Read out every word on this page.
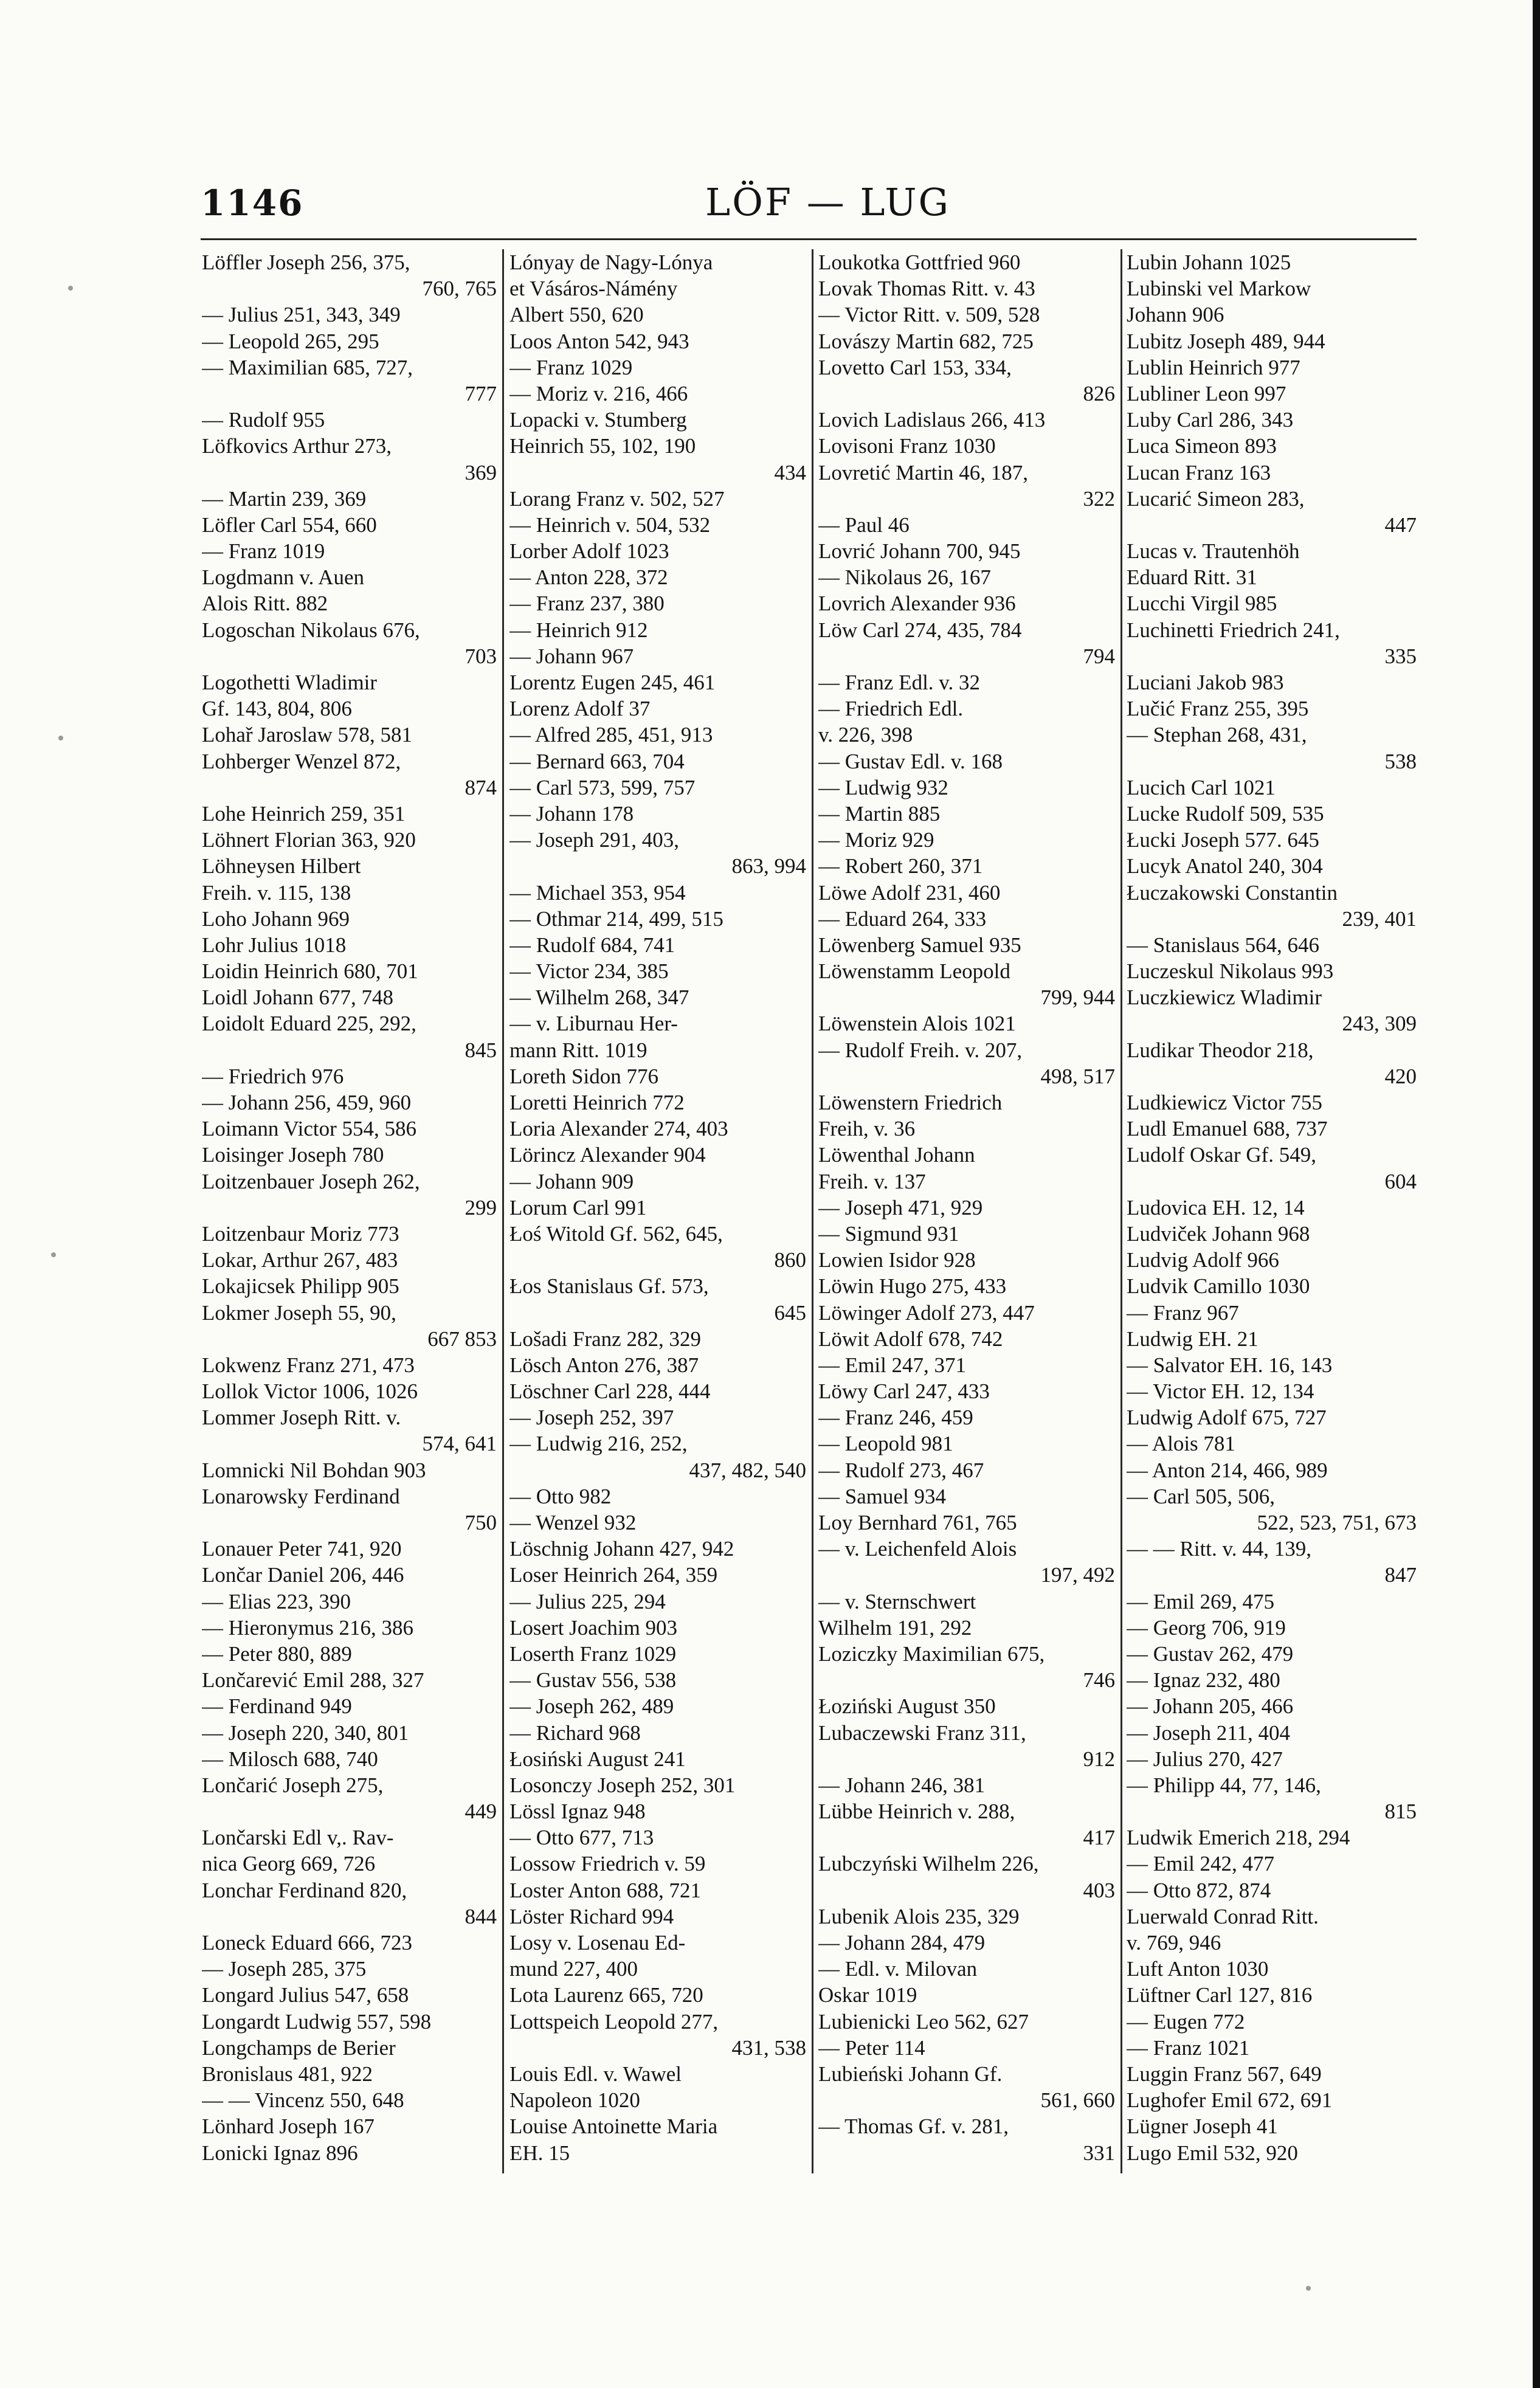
1146	LÖF — LUG
Löffler Joseph 256, 375,
760, 765
— Julius 251, 343, 349
— Leopold 265, 295
— Maximilian 685, 727,
777
— Rudolf 955
Löfkovics Arthur 273,
369
— Martin 239, 369
Löfler Carl 554, 660
— Franz 1019
Logdmann v. Auen
Alois Ritt. 882
Logoschan Nikolaus 676,
703
Logothetti Wladimir
Gf. 143, 804, 806
Lohař Jaroslaw 578, 581
Lohberger Wenzel 872,
874
Lohe Heinrich 259, 351
Löhnert Florian 363, 920
Löhneysen Hilbert
Freih. v. 115, 138
Loho Johann 969
Lohr Julius 1018
Loidin Heinrich 680, 701
Loidl Johann 677, 748
Loidolt Eduard 225, 292,
845
— Friedrich 976
— Johann 256, 459, 960
Loimann Victor 554, 586
Loisinger Joseph 780
Loitzenbauer Joseph 262,
299
Loitzenbaur Moriz 773
Lokar, Arthur 267, 483
Lokajicsek Philipp 905
Lokmer Joseph 55, 90,
667 853
Lokwenz Franz 271, 473
Lollok Victor 1006, 1026
Lommer Joseph Ritt. v.
574, 641
Lomnicki Nil Bohdan 903
Lonarowsky Ferdinand
750
Lonauer Peter 741, 920
Lončar Daniel 206, 446
— Elias 223, 390
— Hieronymus 216, 386
— Peter 880, 889
Lončarević Emil 288, 327
— Ferdinand 949
— Joseph 220, 340, 801
— Milosch 688, 740
Lončarić Joseph 275,
449
Lončarski Edl v,. Rav-
nica Georg 669, 726
Lonchar Ferdinand 820,
844
Loneck Eduard 666, 723
— Joseph 285, 375
Longard Julius 547, 658
Longardt Ludwig 557, 598
Longchamps de Berier
Bronislaus 481, 922
— — Vincenz 550, 648
Lönhard Joseph 167
Lonicki Ignaz 896
Lónyay de Nagy-Lónya
et Vásáros-Námény
Albert 550, 620
Loos Anton 542, 943
— Franz 1029
— Moriz v. 216, 466
Lopacki v. Stumberg
Heinrich 55, 102, 190
434
Lorang Franz v. 502, 527
— Heinrich v. 504, 532
Lorber Adolf 1023
— Anton 228, 372
— Franz 237, 380
— Heinrich 912
— Johann 967
Lorentz Eugen 245, 461
Lorenz Adolf 37
— Alfred 285, 451, 913
— Bernard 663, 704
— Carl 573, 599, 757
— Johann 178
— Joseph 291, 403,
863, 994
— Michael 353, 954
— Othmar 214, 499, 515
— Rudolf 684, 741
— Victor 234, 385
— Wilhelm 268, 347
— v. Liburnau Her-
mann Ritt. 1019
Loreth Sidon 776
Loretti Heinrich 772
Loria Alexander 274, 403
Lörincz Alexander 904
— Johann 909
Lorum Carl 991
Łoś Witold Gf. 562, 645,
860
Łos Stanislaus Gf. 573,
645
Lošadi Franz 282, 329
Lösch Anton 276, 387
Löschner Carl 228, 444
— Joseph 252, 397
— Ludwig 216, 252,
437, 482, 540
— Otto 982
— Wenzel 932
Löschnig Johann 427, 942
Loser Heinrich 264, 359
— Julius 225, 294
Losert Joachim 903
Loserth Franz 1029
— Gustav 556, 538
— Joseph 262, 489
— Richard 968
Łosiński August 241
Losonczy Joseph 252, 301
Lössl Ignaz 948
— Otto 677, 713
Lossow Friedrich v. 59
Loster Anton 688, 721
Löster Richard 994
Losy v. Losenau Ed-
mund 227, 400
Lota Laurenz 665, 720
Lottspeich Leopold 277,
431, 538
Louis Edl. v. Wawel
Napoleon 1020
Louise Antoinette Maria
EH. 15
Loukotka Gottfried 960
Lovak Thomas Ritt. v. 43
— Victor Ritt. v. 509, 528
Lovászy Martin 682, 725
Lovetto Carl 153, 334,
826
Lovich Ladislaus 266, 413
Lovisoni Franz 1030
Lovretić Martin 46, 187,
322
— Paul 46
Lovrić Johann 700, 945
— Nikolaus 26, 167
Lovrich Alexander 936
Löw Carl 274, 435, 784
794
— Franz Edl. v. 32
— Friedrich Edl.
v. 226, 398
— Gustav Edl. v. 168
— Ludwig 932
— Martin 885
— Moriz 929
— Robert 260, 371
Löwe Adolf 231, 460
— Eduard 264, 333
Löwenberg Samuel 935
Löwenstamm Leopold
799, 944
Löwenstein Alois 1021
— Rudolf Freih. v. 207,
498, 517
Löwenstern Friedrich
Freih, v. 36
Löwenthal Johann
Freih. v. 137
— Joseph 471, 929
— Sigmund 931
Lowien Isidor 928
Löwin Hugo 275, 433
Löwinger Adolf 273, 447
Löwit Adolf 678, 742
— Emil 247, 371
Löwy Carl 247, 433
— Franz 246, 459
— Leopold 981
— Rudolf 273, 467
— Samuel 934
Loy Bernhard 761, 765
— v. Leichenfeld Alois
197, 492
— v. Sternschwert
Wilhelm 191, 292
Loziczky Maximilian 675,
746
Łoziński August 350
Lubaczewski Franz 311,
912
— Johann 246, 381
Lübbe Heinrich v. 288,
417
Lubczyński Wilhelm 226,
403
Lubenik Alois 235, 329
— Johann 284, 479
— Edl. v. Milovan
Oskar 1019
Lubienicki Leo 562, 627
— Peter 114
Lubieński Johann Gf.
561, 660
— Thomas Gf. v. 281,
331
Lubin Johann 1025
Lubinski vel Markow
Johann 906
Lubitz Joseph 489, 944
Lublin Heinrich 977
Lubliner Leon 997
Luby Carl 286, 343
Luca Simeon 893
Lucan Franz 163
Lucarić Simeon 283,
447
Lucas v. Trautenhöh
Eduard Ritt. 31
Lucchi Virgil 985
Luchinetti Friedrich 241,
335
Luciani Jakob 983
Lučić Franz 255, 395
— Stephan 268, 431,
538
Lucich Carl 1021
Lucke Rudolf 509, 535
Łucki Joseph 577. 645
Lucyk Anatol 240, 304
Łuczakowski Constantin
239, 401
— Stanislaus 564, 646
Luczeskul Nikolaus 993
Luczkiewicz Wladimir
243, 309
Ludikar Theodor 218,
420
Ludkiewicz Victor 755
Ludl Emanuel 688, 737
Ludolf Oskar Gf. 549,
604
Ludovica EH. 12, 14
Ludviček Johann 968
Ludvig Adolf 966
Ludvik Camillo 1030
— Franz 967
Ludwig EH. 21
— Salvator EH. 16, 143
— Victor EH. 12, 134
Ludwig Adolf 675, 727
— Alois 781
— Anton 214, 466, 989
— Carl 505, 506,
522, 523, 751, 673
— — Ritt. v. 44, 139,
847
— Emil 269, 475
— Georg 706, 919
— Gustav 262, 479
— Ignaz 232, 480
— Johann 205, 466
— Joseph 211, 404
— Julius 270, 427
— Philipp 44, 77, 146,
815
Ludwik Emerich 218, 294
— Emil 242, 477
— Otto 872, 874
Luerwald Conrad Ritt.
v. 769, 946
Luft Anton 1030
Lüftner Carl 127, 816
— Eugen 772
— Franz 1021
Luggin Franz 567, 649
Lughofer Emil 672, 691
Lügner Joseph 41
Lugo Emil 532, 920
